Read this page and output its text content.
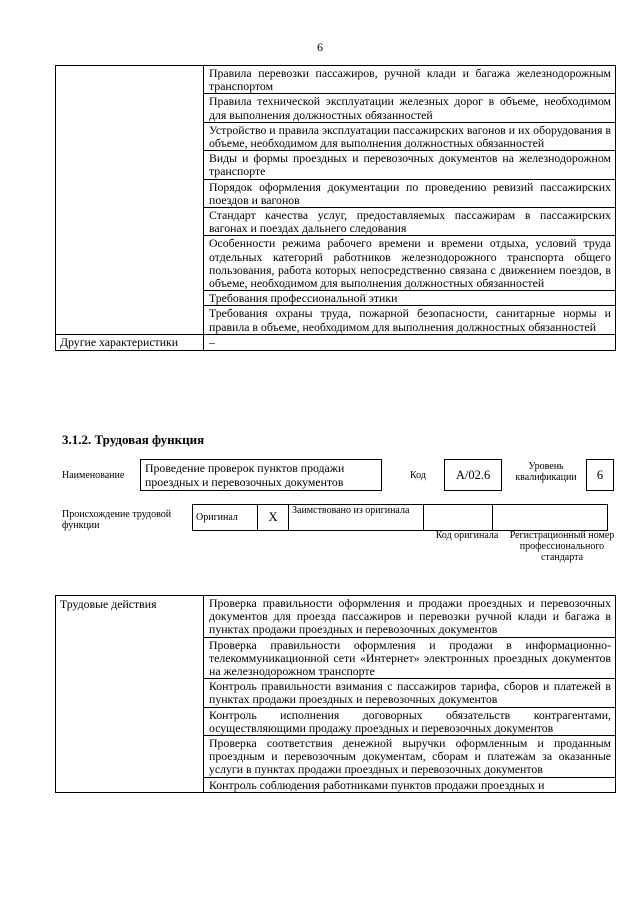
6
	Правила перевозки пассажиров, ручной клади и багажа железнодорожным транспортом
	Правила технической эксплуатации железных дорог в объеме, необходимом для выполнения должностных обязанностей
	Устройство и правила эксплуатации пассажирских вагонов и их оборудования в объеме, необходимом для выполнения должностных обязанностей
	Виды и формы проездных и перевозочных документов на железнодорожном транспорте
	Порядок оформления документации по проведению ревизий пассажирских поездов и вагонов
	Стандарт качества услуг, предоставляемых пассажирам в пассажирских вагонах и поездах дальнего следования
	Особенности режима рабочего времени и времени отдыха, условий труда отдельных категорий работников железнодорожного транспорта общего пользования, работа которых непосредственно связана с движением поездов, в объеме, необходимом для выполнения должностных обязанностей
	Требования профессиональной этики
	Требования охраны труда, пожарной безопасности, санитарные нормы и правила в объеме, необходимом для выполнения должностных обязанностей
Другие характеристики	–
3.1.2. Трудовая функция
Наименование
Проведение проверок пунктов продажи проездных и перевозочных документов	Код	А/02.6
Уровень квалификации	6
Происхождение трудовой функции
Оригинал	X	Заимствовано из оригинала		
Код оригинала	Регистрационный номер профессионального стандарта
Трудовые действия	Проверка правильности оформления и продажи проездных и перевозочных документов для проезда пассажиров и перевозки ручной клади и багажа в пунктах продажи проездных и перевозочных документов
Проверка правильности оформления и продажи в информационно-телекоммуникационной сети «Интернет» электронных проездных документов на железнодорожном транспорте
Контроль правильности взимания с пассажиров тарифа, сборов и платежей в пунктах продажи проездных и перевозочных документов
Контроль исполнения договорных обязательств контрагентами, осуществляющими продажу проездных и перевозочных документов
Проверка соответствия денежной выручки оформленным и проданным проездным и перевозочным документам, сборам и платежам за оказанные услуги в пунктах продажи проездных и перевозочных документов
Контроль соблюдения работниками пунктов продажи проездных и
